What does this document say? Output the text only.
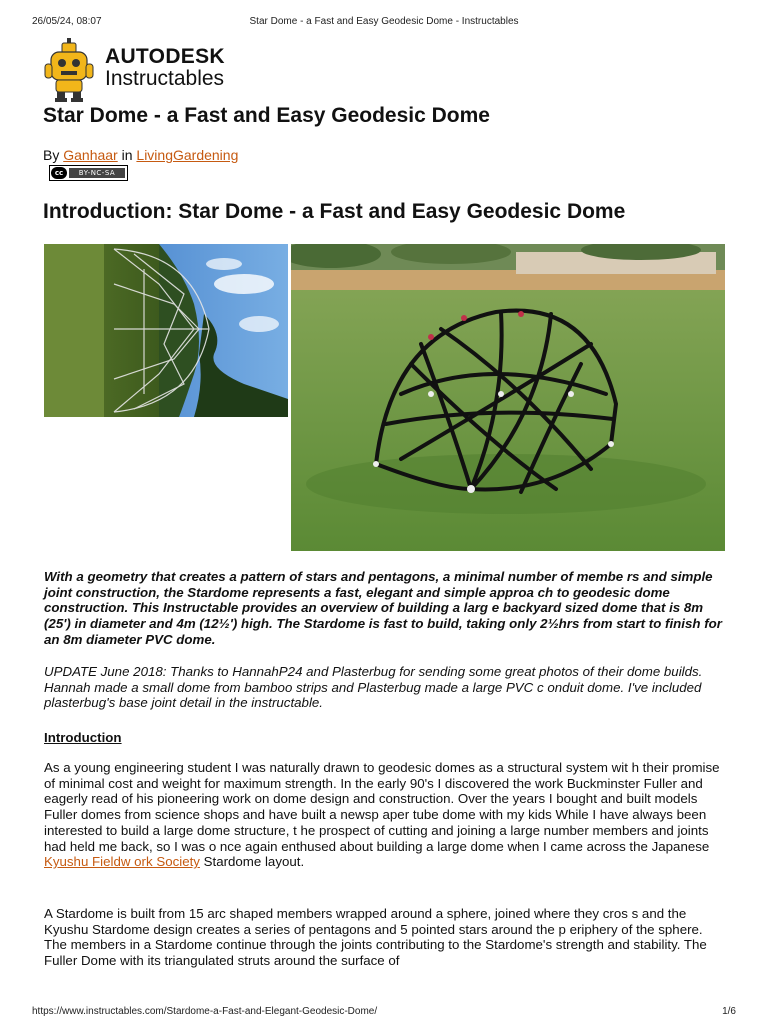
26/05/24, 08:07	Star Dome - a Fast and Easy Geodesic Dome - Instructables
AUTODESK
Instructables
Star Dome - a Fast and Easy Geodesic Dome
By Ganhaar in LivingGardening
cc	BY-NC-SA
Introduction: Star Dome - a Fast and Easy Geodesic Dome
With a geometry that creates a pattern of stars and pentagons, a minimal number of membe rs and simple joint construction, the Stardome represents a fast, elegant and simple approa ch to geodesic dome construction. This Instructable provides an overview of building a larg e backyard sized dome that is 8m (25') in diameter and 4m (12½') high. The Stardome is fast to build, taking only 2½hrs from start to finish for an 8m diameter PVC dome.
UPDATE June 2018: Thanks to HannahP24 and Plasterbug for sending some great photos of their dome builds. Hannah made a small dome from bamboo strips and Plasterbug made a large PVC c onduit dome. I've included plasterbug's base joint detail in the instructable.
Introduction
As a young engineering student I was naturally drawn to geodesic domes as a structural system wit h their promise of minimal cost and weight for maximum strength. In the early 90's I discovered the work Buckminster Fuller and eagerly read of his pioneering work on dome design and construction. Over the years I bought and built models Fuller domes from science shops and have built a newsp aper tube dome with my kids While I have always been interested to build a large dome structure, t he prospect of cutting and joining a large number members and joints had held me back, so I was o nce again enthused about building a large dome when I came across the Japanese Kyushu Fieldw ork Society Stardome layout.
A Stardome is built from 15 arc shaped members wrapped around a sphere, joined where they cros s and the Kyushu Stardome design creates a series of pentagons and 5 pointed stars around the p eriphery of the sphere. The members in a Stardome continue through the joints contributing to the Stardome's strength and stability. The Fuller Dome with its triangulated struts around the surface of
https://www.instructables.com/Stardome-a-Fast-and-Elegant-Geodesic-Dome/	1/6
